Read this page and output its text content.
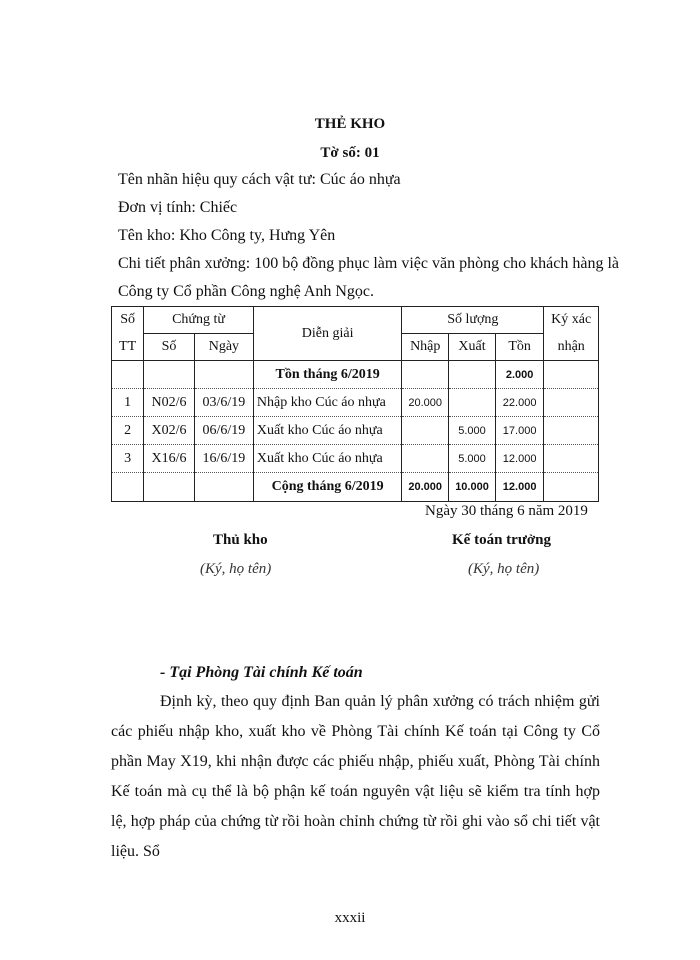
THẺ KHO
Tờ số: 01
Tên nhãn hiệu quy cách vật tư: Cúc áo nhựa
Đơn vị tính: Chiếc
Tên kho: Kho Công ty, Hưng Yên
Chi tiết phân xưởng: 100 bộ đồng phục làm việc văn phòng cho khách hàng là
Công ty Cổ phần Công nghệ Anh Ngọc.
Số	Chứng từ		Diễn giải	Số lượng			Ký xác
TT	Số	Ngày		Nhập	Xuất	Tồn	nhận
			Tồn tháng 6/2019			2.000	
1	N02/6	03/6/19	Nhập kho Cúc áo nhựa	20.000		22.000	
2	X02/6	06/6/19	Xuất kho Cúc áo nhựa		5.000	17.000	
3	X16/6	16/6/19	Xuất kho Cúc áo nhựa		5.000	12.000	
			Cộng tháng 6/2019	20.000	10.000	12.000	
Ngày 30 tháng 6 năm 2019
Thủ kho
(Ký, họ tên)
Kế toán trưởng
(Ký, họ tên)
- Tại Phòng Tài chính Kế toán
Định kỳ, theo quy định Ban quản lý phân xưởng có trách nhiệm gửi các phiếu nhập kho, xuất kho về Phòng Tài chính Kế toán tại Công ty Cổ phần May X19, khi nhận được các phiếu nhập, phiếu xuất, Phòng Tài chính Kế toán mà cụ thể là bộ phận kế toán nguyên vật liệu sẽ kiểm tra tính hợp lệ, hợp pháp của chứng từ rồi hoàn chỉnh chứng từ rồi ghi vào sổ chi tiết vật liệu. Sổ
xxxii
